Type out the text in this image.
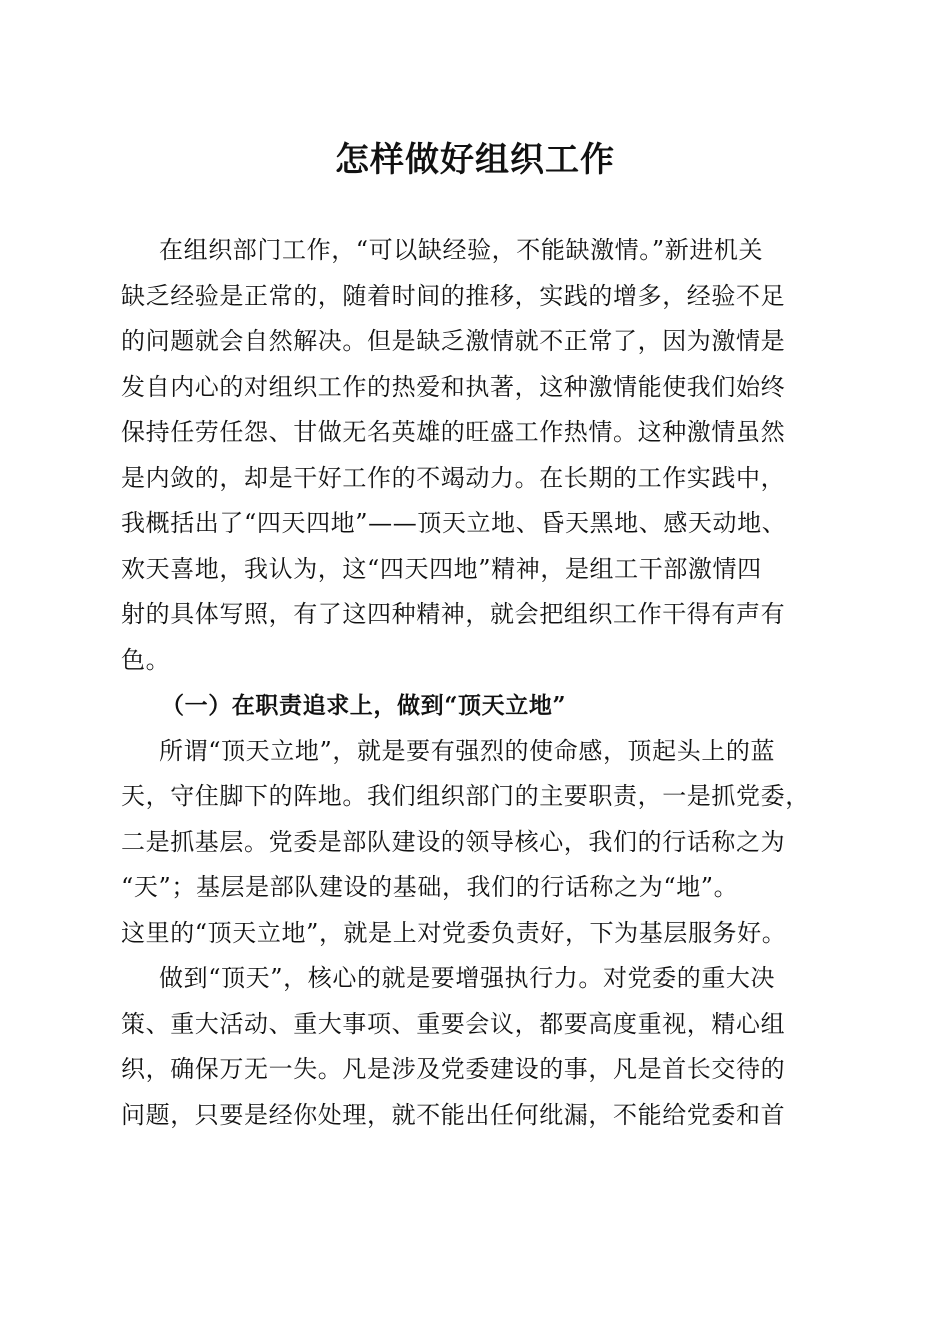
怎样做好组织工作
在组织部门工作，“可以缺经验，不能缺激情。”新进机关
缺乏经验是正常的，随着时间的推移，实践的增多，经验不足
的问题就会自然解决。但是缺乏激情就不正常了，因为激情是
发自内心的对组织工作的热爱和执著，这种激情能使我们始终
保持任劳任怨、甘做无名英雄的旺盛工作热情。这种激情虽然
是内敛的，却是干好工作的不竭动力。在长期的工作实践中，
我概括出了“四天四地”——顶天立地、昏天黑地、感天动地、
欢天喜地，我认为，这“四天四地”精神，是组工干部激情四
射的具体写照，有了这四种精神，就会把组织工作干得有声有
色。
（一）在职责追求上，做到“顶天立地”
所谓“顶天立地”，就是要有强烈的使命感，顶起头上的蓝
天，守住脚下的阵地。我们组织部门的主要职责，一是抓党委，
二是抓基层。党委是部队建设的领导核心，我们的行话称之为
“天”；基层是部队建设的基础，我们的行话称之为“地”。
这里的“顶天立地”，就是上对党委负责好，下为基层服务好。
做到“顶天”，核心的就是要增强执行力。对党委的重大决
策、重大活动、重大事项、重要会议，都要高度重视，精心组
织，确保万无一失。凡是涉及党委建设的事，凡是首长交待的
问题，只要是经你处理，就不能出任何纰漏，不能给党委和首
